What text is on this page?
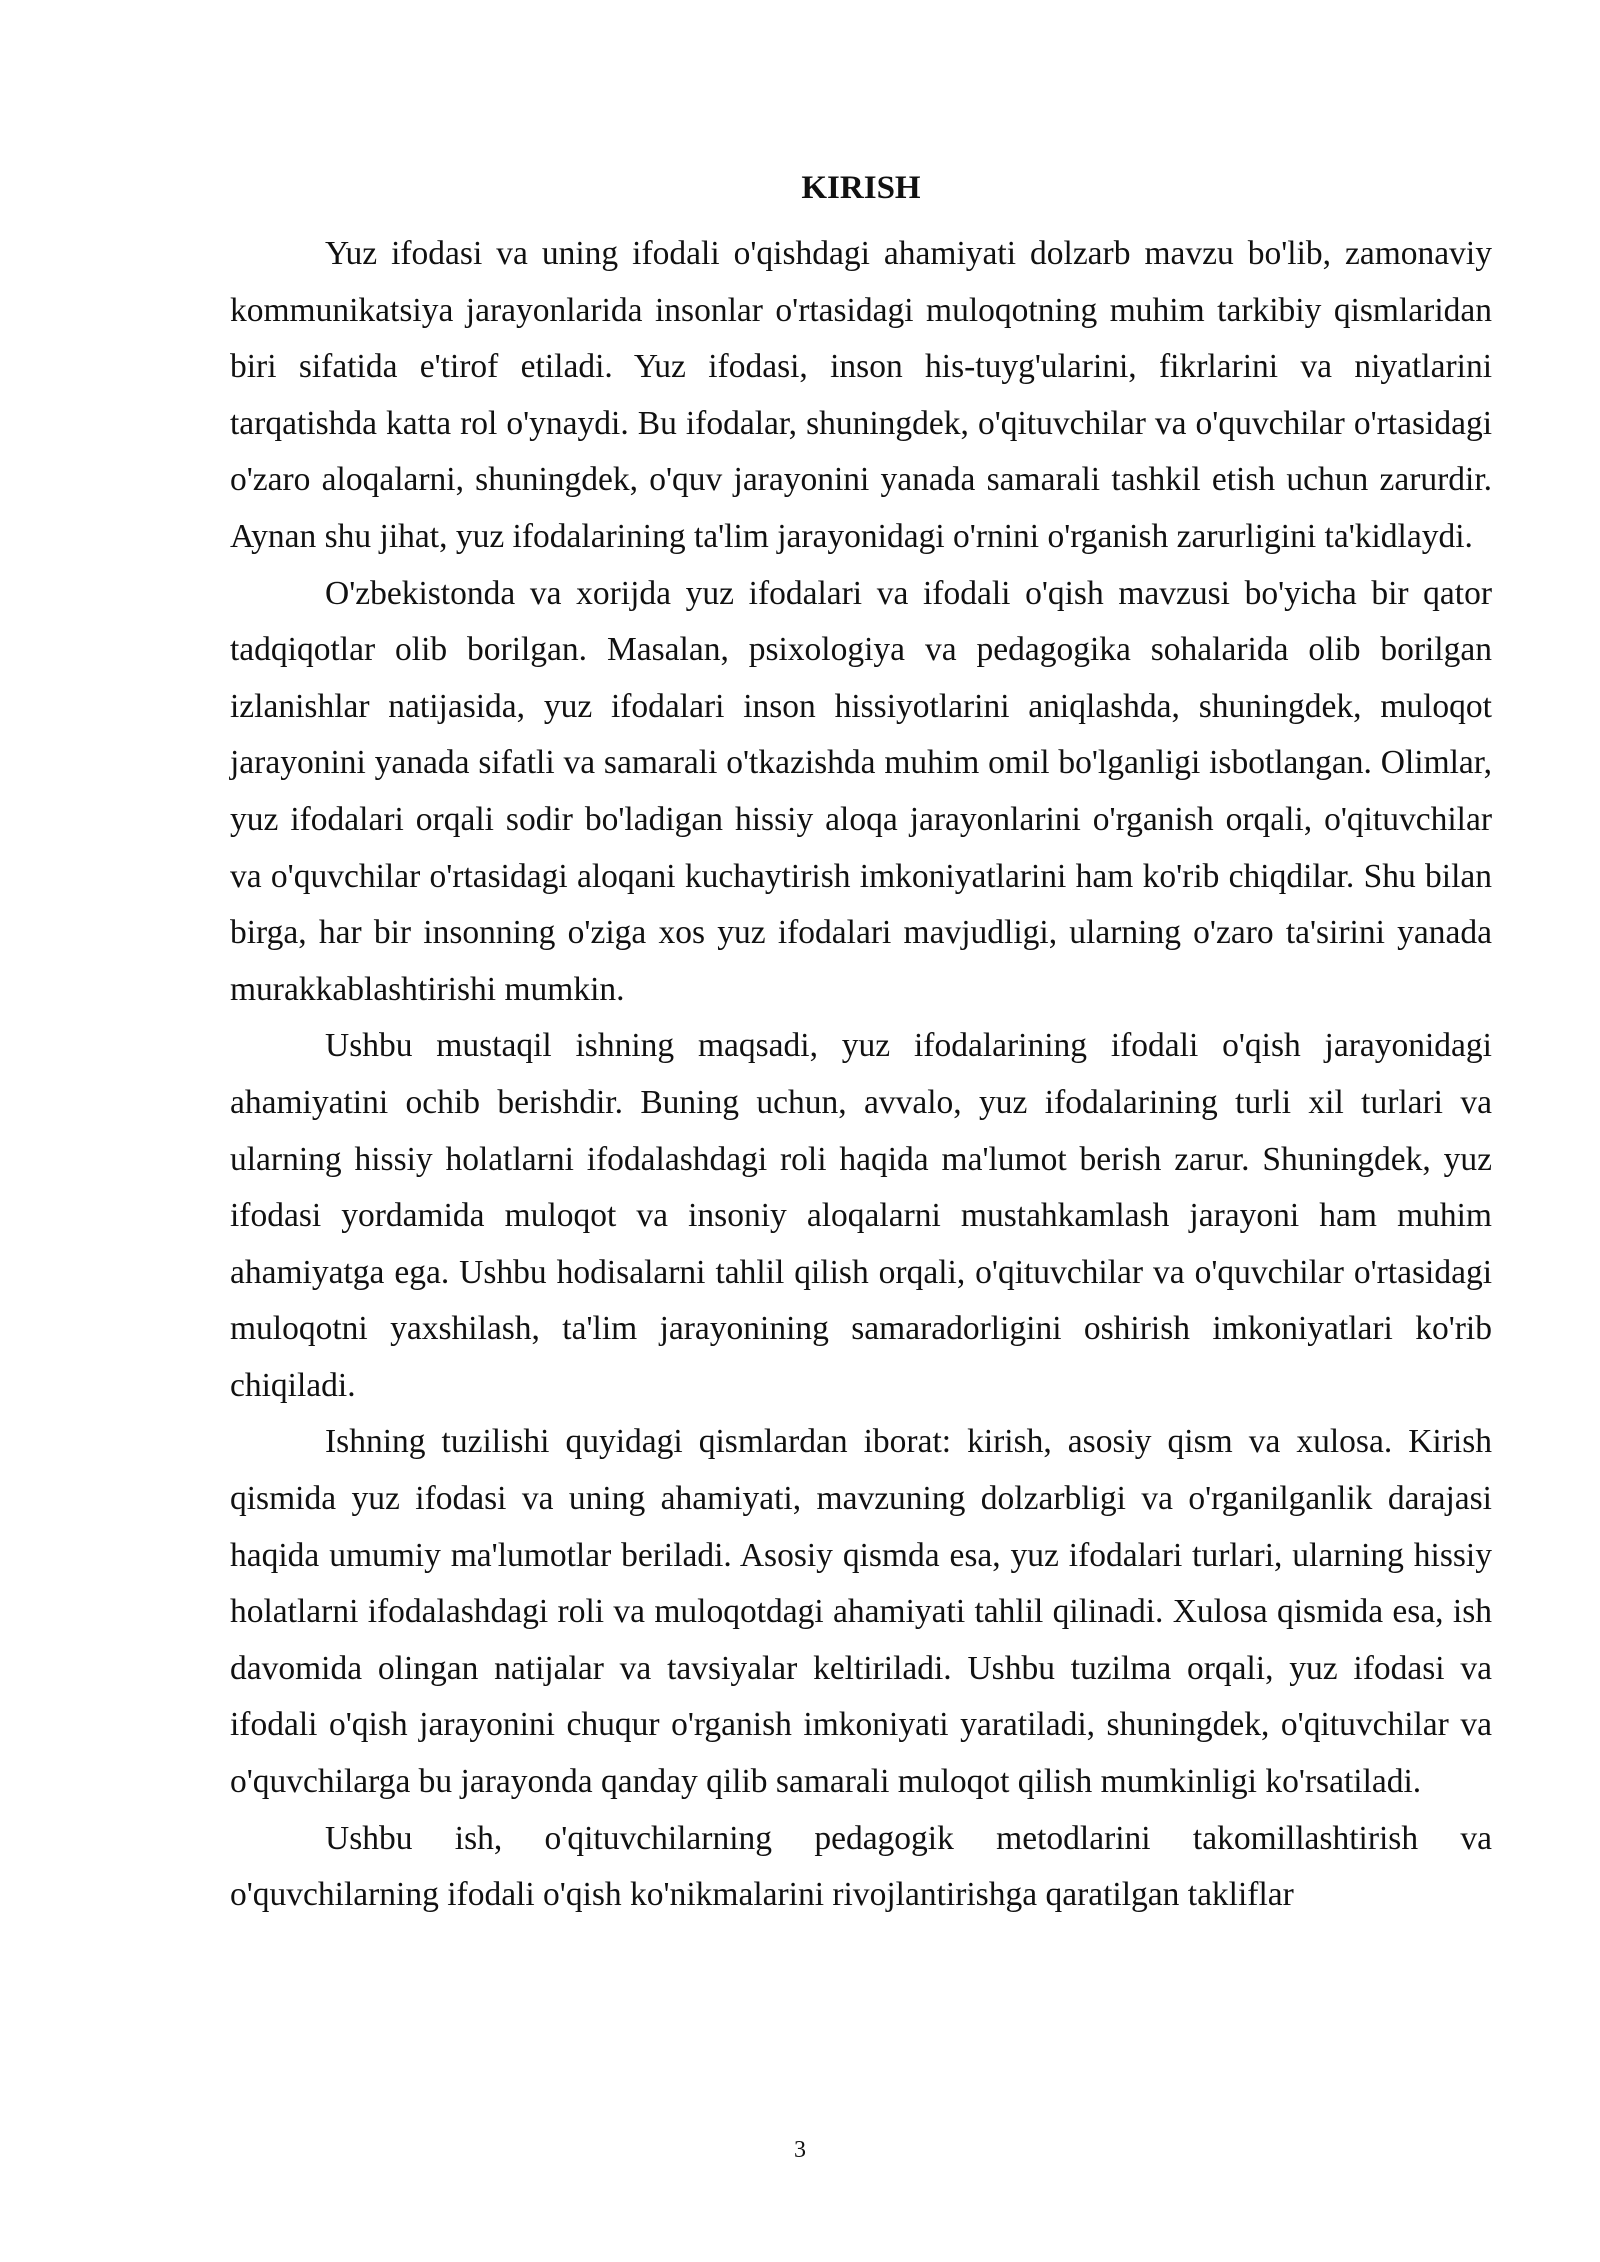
KIRISH

Yuz ifodasi va uning ifodali o'qishdagi ahamiyati dolzarb mavzu bo'lib, zamonaviy kommunikatsiya jarayonlarida insonlar o'rtasidagi muloqotning muhim tarkibiy qismlaridan biri sifatida e'tirof etiladi. Yuz ifodasi, inson his-tuyg'ularini, fikrlarini va niyatlarini tarqatishda katta rol o'ynaydi. Bu ifodalar, shuningdek, o'qituvchilar va o'quvchilar o'rtasidagi o'zaro aloqalarni, shuningdek, o'quv jarayonini yanada samarali tashkil etish uchun zarurdir. Aynan shu jihat, yuz ifodalarining ta'lim jarayonidagi o'rnini o'rganish zarurligini ta'kidlaydi.

O'zbekistonda va xorijda yuz ifodalari va ifodali o'qish mavzusi bo'yicha bir qator tadqiqotlar olib borilgan. Masalan, psixologiya va pedagogika sohalarida olib borilgan izlanishlar natijasida, yuz ifodalari inson hissiyotlarini aniqlashda, shuningdek, muloqot jarayonini yanada sifatli va samarali o'tkazishda muhim omil bo'lganligi isbotlangan. Olimlar, yuz ifodalari orqali sodir bo'ladigan hissiy aloqa jarayonlarini o'rganish orqali, o'qituvchilar va o'quvchilar o'rtasidagi aloqani kuchaytirish imkoniyatlarini ham ko'rib chiqdilar. Shu bilan birga, har bir insonning o'ziga xos yuz ifodalari mavjudligi, ularning o'zaro ta'sirini yanada murakkablashtirishi mumkin.

Ushbu mustaqil ishning maqsadi, yuz ifodalarining ifodali o'qish jarayonidagi ahamiyatini ochib berishdir. Buning uchun, avvalo, yuz ifodalarining turli xil turlari va ularning hissiy holatlarni ifodalashdagi roli haqida ma'lumot berish zarur. Shuningdek, yuz ifodasi yordamida muloqot va insoniy aloqalarni mustahkamlash jarayoni ham muhim ahamiyatga ega. Ushbu hodisalarni tahlil qilish orqali, o'qituvchilar va o'quvchilar o'rtasidagi muloqotni yaxshilash, ta'lim jarayonining samaradorligini oshirish imkoniyatlari ko'rib chiqiladi.

Ishning tuzilishi quyidagi qismlardan iborat: kirish, asosiy qism va xulosa. Kirish qismida yuz ifodasi va uning ahamiyati, mavzuning dolzarbligi va o'rganilganlik darajasi haqida umumiy ma'lumotlar beriladi. Asosiy qismda esa, yuz ifodalari turlari, ularning hissiy holatlarni ifodalashdagi roli va muloqotdagi ahamiyati tahlil qilinadi. Xulosa qismida esa, ish davomida olingan natijalar va tavsiyalar keltiriladi. Ushbu tuzilma orqali, yuz ifodasi va ifodali o'qish jarayonini chuqur o'rganish imkoniyati yaratiladi, shuningdek, o'qituvchilar va o'quvchilarga bu jarayonda qanday qilib samarali muloqot qilish mumkinligi ko'rsatiladi.

Ushbu ish, o'qituvchilarning pedagogik metodlarini takomillashtirish va o'quvchilarning ifodali o'qish ko'nikmalarini rivojlantirishga qaratilgan takliflar

3
